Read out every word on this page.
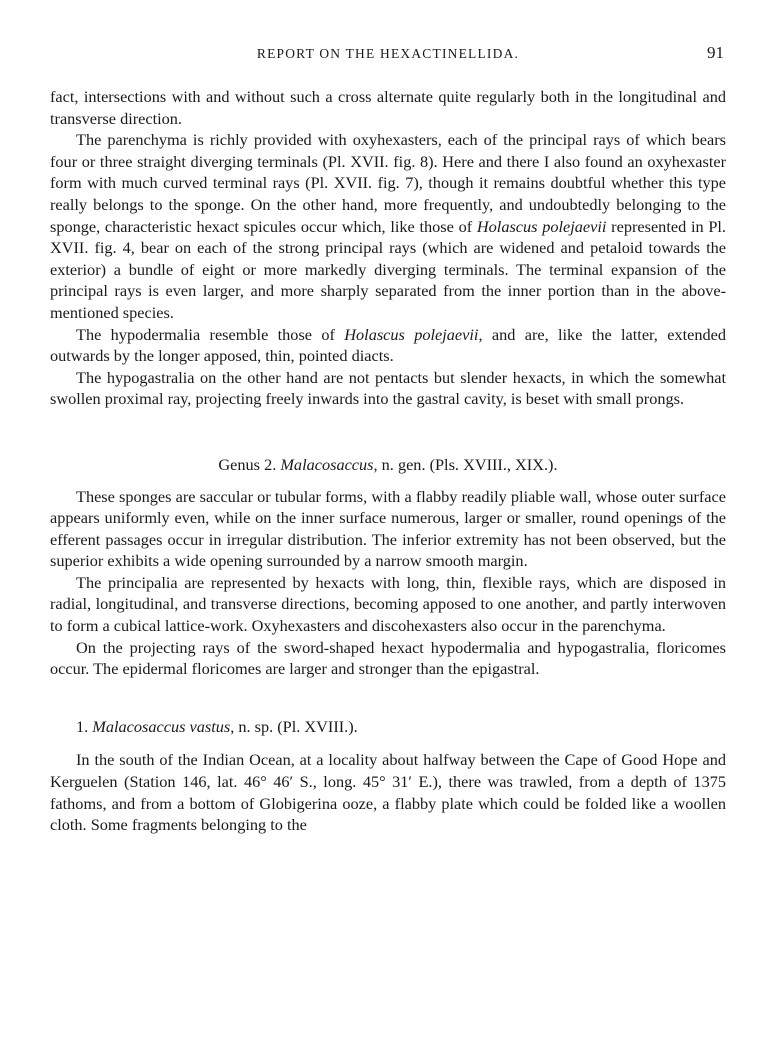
REPORT ON THE HEXACTINELLIDA.	91

fact, intersections with and without such a cross alternate quite regularly both in the longitudinal and transverse direction.

The parenchyma is richly provided with oxyhexasters, each of the principal rays of which bears four or three straight diverging terminals (Pl. XVII. fig. 8). Here and there I also found an oxyhexaster form with much curved terminal rays (Pl. XVII. fig. 7), though it remains doubtful whether this type really belongs to the sponge. On the other hand, more frequently, and undoubtedly belonging to the sponge, characteristic hexact spicules occur which, like those of Holascus polejaevii represented in Pl. XVII. fig. 4, bear on each of the strong principal rays (which are widened and petaloid towards the exterior) a bundle of eight or more markedly diverging terminals. The terminal expansion of the principal rays is even larger, and more sharply separated from the inner portion than in the above-mentioned species.

The hypodermalia resemble those of Holascus polejaevii, and are, like the latter, extended outwards by the longer apposed, thin, pointed diacts.

The hypogastralia on the other hand are not pentacts but slender hexacts, in which the somewhat swollen proximal ray, projecting freely inwards into the gastral cavity, is beset with small prongs.

Genus 2. Malacosaccus, n. gen. (Pls. XVIII., XIX.).

These sponges are saccular or tubular forms, with a flabby readily pliable wall, whose outer surface appears uniformly even, while on the inner surface numerous, larger or smaller, round openings of the efferent passages occur in irregular distribution. The inferior extremity has not been observed, but the superior exhibits a wide opening surrounded by a narrow smooth margin.

The principalia are represented by hexacts with long, thin, flexible rays, which are disposed in radial, longitudinal, and transverse directions, becoming apposed to one another, and partly interwoven to form a cubical lattice-work. Oxyhexasters and discohexasters also occur in the parenchyma.

On the projecting rays of the sword-shaped hexact hypodermalia and hypogastralia, floricomes occur. The epidermal floricomes are larger and stronger than the epigastral.

1. Malacosaccus vastus, n. sp. (Pl. XVIII.).

In the south of the Indian Ocean, at a locality about halfway between the Cape of Good Hope and Kerguelen (Station 146, lat. 46° 46′ S., long. 45° 31′ E.), there was trawled, from a depth of 1375 fathoms, and from a bottom of Globigerina ooze, a flabby plate which could be folded like a woollen cloth. Some fragments belonging to the
